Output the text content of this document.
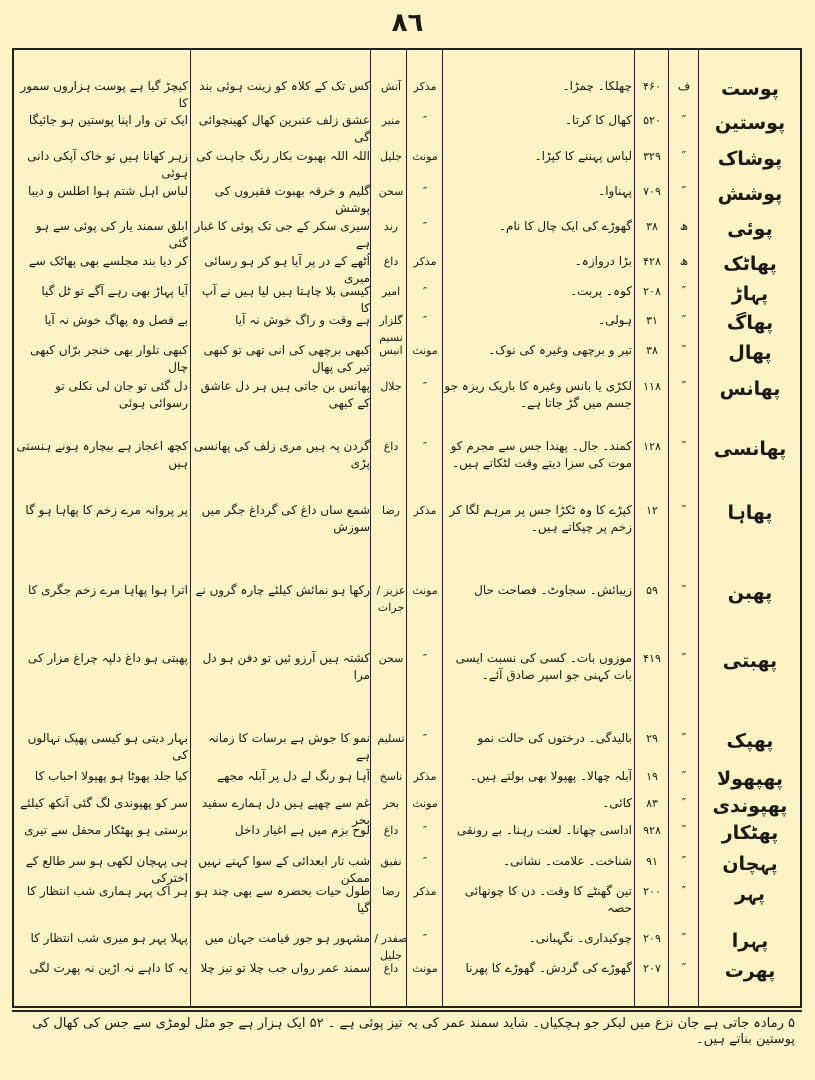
٨٦
پوست
ف
۴۶۰
چھلکا۔ چمڑا۔
مذکر
آتش
کس تک کے کلاہ کو زینت ہوئی بند
کیچڑ گیا ہے پوست ہزاروں سمور کا
پوستین
″
۵۲۰
کھال کا کرتا۔
″
منیر
عشق زلف عنبرین کھال کھینچوائی گی
ایک تن وار اپنا پوستین ہو جائیگا
پوشاک
″
۳۲۹
لباس پہننے کا کپڑا۔
مونث
جلیل
اللہ اللہ بھبوت بکار رنگ جاہت کی
زہر کھاتا ہیں تو خاک آپکی دانی ہوئی
پوشش
″
۷۰۹
پہناوا۔
″
سحن
گلیم و خرقہ بھبوت فقیروں کی پوشش
لباس اہل شتم ہوا اطلس و دیبا
پوئی
ھ
۳۸
گھوڑے کی ایک چال کا نام۔
″
رند
سیری سکر کے جی تک پوئی کا غبار ہے
ابلق سمند یار کی پوئی سے ہو گئی
پھاٹک
ھ
۴۲۸
بڑا دروازہ۔
مذکر
داغ
اُٹھے کے در پر آیا ہو کر ہو رسائی میری
کر دیا بند مجلسے بھی پھاٹک سے
پہاڑ
″
۲۰۸
کوہ۔ پربت۔
″
امیر
کیسی بلا چاہتا ہیں لیا ہیں نے آپ کا
آیا پہاڑ بھی رہے آگے تو ٹل گیا
پھاگ
″
۳۱
ہولی۔
″
گلزار نسیم
ہے وقت و راگ خوش نہ آیا
بے فصل وہ پھاگ خوش نہ آیا
پھال
″
۳۸
تیر و برچھی وغیرہ کی نوک۔
مونث
انیس
کبھی برچھی کی انی تھی تو کبھی تیر کی پھال
کبھی تلوار بھی خنجر برّاں کبھی چال
پھانس
″
۱۱۸
لکڑی یا بانس وغیرہ کا باریک ریزہ جو جسم میں گڑ جاتا ہے۔
″
جلال
پھانس بن جاتی ہیں ہر دل عاشق کے کبھی
دل گئی تو جان لی نکلی تو رسوائی ہوئی
پھانسی
″
۱۲۸
کمند۔ جال۔ پھندا جس سے مجرم کو موت کی سزا دیتے وقت لٹکاتے ہیں۔
″
داغ
گردن پہ ہیں مری زلف کی پھانسی پڑی
کچھ اعجاز ہے بیچارہ ہونے ہنستی ہیں
پھاہا
″
۱۲
کپڑے کا وہ ٹکڑا جس پر مرہم لگا کر زخم پر چپکاتے ہیں۔
مذکر
رضا
شمع ساں داغ کی گرداغ جگر میں سوزش
پر پروانہ مرے زخم کا پھاہا ہو گا
پھبن
″
۵۹
زیبائش۔ سجاوٹ۔ فصاحت حال
مونث
عزیز / جرات
رکھا ہو نمائش کیلئے چارہ گروں نے
اترا ہوا پھاہا مرے زخم جگری کا
پھبتی
″
۴۱۹
موزوں بات۔ کسی کی نسبت ایسی بات کہنی جو اسپر صادق آئے۔
″
سحن
کشتہ ہیں آرزو ئیں تو دفن ہو دل مرا
پھبتی ہو داغ دلپہ چراغ مزار کی
پھپک
″
۲۹
بالیدگی۔ درختوں کی حالت نمو
″
تسلیم
نمو کا جوش ہے برسات کا زمانہ ہے
بہار دیتی ہو کیسی پھپک نہالوں کی
پھپھولا
″
۱۹
آبلہ چھالا۔ پھپولا بھی بولتے ہیں۔
مذکر
ناسخ
آہا ہو رنگ لے دل پر آبلہ مجھے
کیا جلد پھوٹا ہو پھپولا احباب کا
پھپوندی
″
۸۳
کائی۔
مونث
بحر
غم سے چھپے ہیں دل ہمارے سفید بحر
سر کو پھپوندی لگ گئی آنکھ کیلئے
پھٹکار
″
۹۲۸
اداسی چھانا۔ لعنت رہنا۔ بے رونقی
″
داغ
لوح بزم میں ہے اغیار داخل
برستی ہو پھٹکار محفل سے تیری
پہچان
″
۹۱
شناخت۔ علامت۔ نشانی۔
″
نفیق
شب تار ابعدائی کے سوا کہنے نہیں ممکن
ہی پہچان لکھی ہو سر طالع کے اخترکی
پہر
″
۲۰۰
تین گھنٹے کا وقت۔ دن کا چوتھائی حصہ
مذکر
رضا
طول حیات بحضرہ سے بھی چند ہو گیا
ہر اک پہر ہماری شب انتظار کا
پہرا
″
۲۰۹
چوکیداری۔ نگہبانی۔
″
صفدر / جلیل
مشہور ہو جور قیامت جہان میں
پہلا پہر ہو میری شب انتظار کا
پھرت
″
۲۰۷
گھوڑے کی گردش۔ گھوڑے کا پھرنا
مونث
داغ
سمند عمر رواں جب چلا تو تیز چلا
یہ کا داہے نہ اڑین نہ پھرت لگی
۵ رمادہ جاتی ہے جان نزع میں لیکر جو ہچکیاں۔ شاید سمند عمر کی یہ تیز پوئی ہے ۔ ۵۲ ایک ہزار ہے جو مثل لومڑی سے جس کی کھال کی پوستین بناتے ہیں۔
